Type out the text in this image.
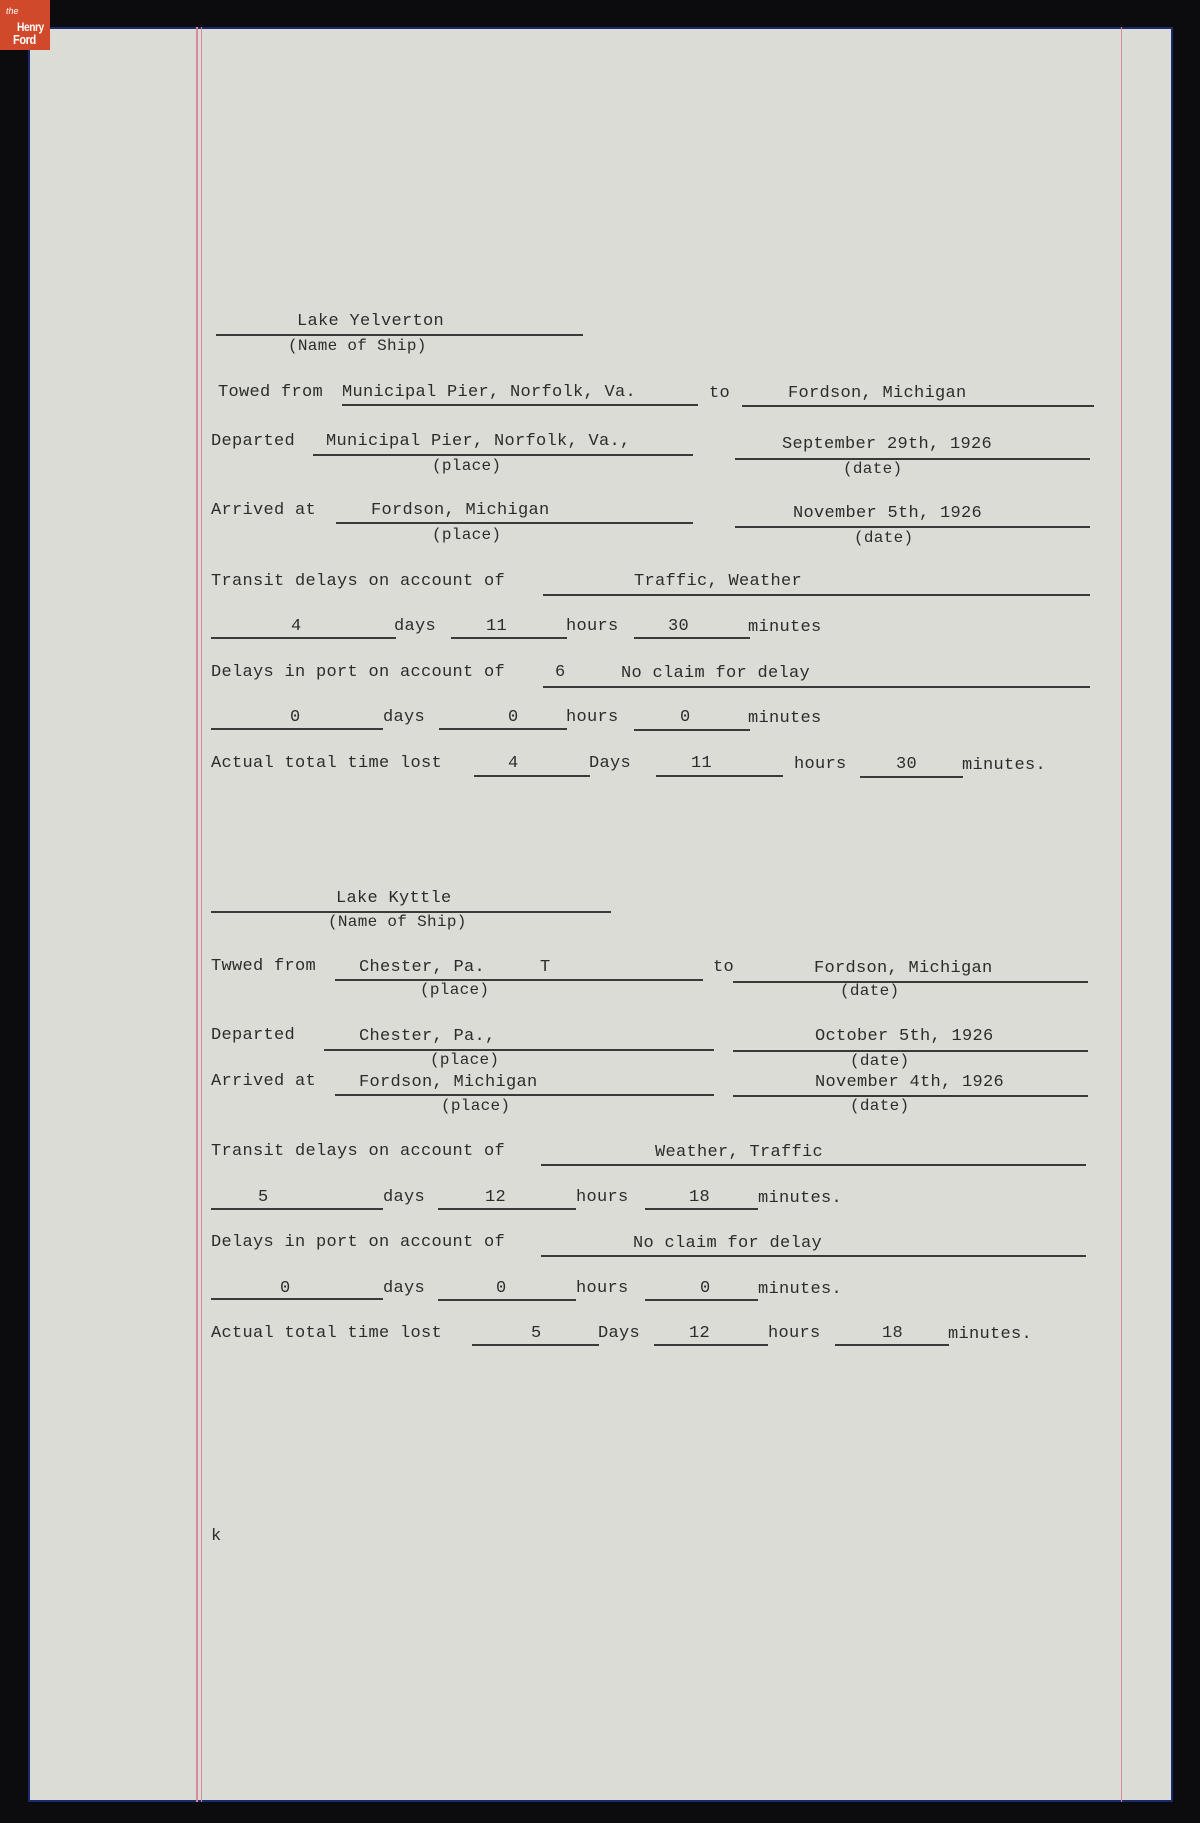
the
Henry
Ford
Lake Yelverton
(Name of Ship)
Towed from Municipal Pier, Norfolk, Va.	to	Fordson, Michigan
Departed Municipal Pier, Norfolk, Va.,
(place)
September 29th, 1926
(date)
Arrived at	Fordson, Michigan
(place)
November 5th, 1926
(date)
Transit delays on account of	Traffic, Weather
4	days	11	hours	30	minutes
Delays in port on account of	6	No claim for delay
0	days	0	hours	0	minutes
Actual total time lost	4	Days	11	hours	30	minutes.
Lake Kyttle
(Name of Ship)
Twwed from	Chester, Pa.	T
(place)
to	Fordson, Michigan
(date)
Departed	Chester, Pa.,
(place)
October 5th, 1926
(date)
Arrived at	Fordson, Michigan
(place)
November 4th, 1926
(date)
Transit delays on account of	Weather, Traffic
5	days	12	hours	18	minutes.
Delays in port on account of	No claim for delay
0	days	0	hours	0	minutes.
Actual total time lost	5	Days	12	hours	18	minutes.
k
